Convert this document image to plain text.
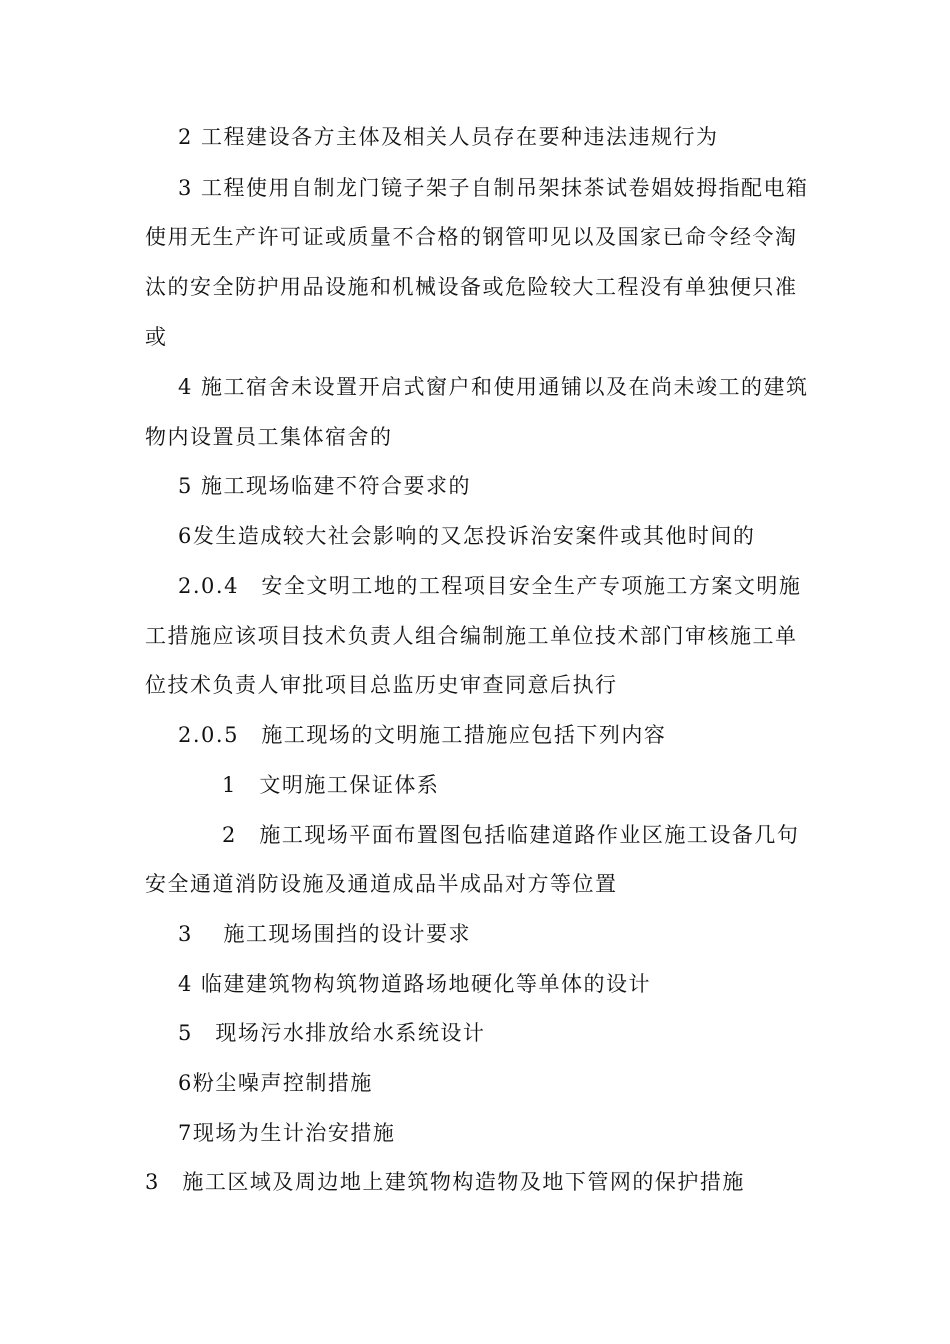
2 工程建设各方主体及相关人员存在要种违法违规行为

3 工程使用自制龙门镜子架子自制吊架抹茶试卷娼妓拇指配电箱

使用无生产许可证或质量不合格的钢管叩见以及国家已命令经令淘

汰的安全防护用品设施和机械设备或危险较大工程没有单独便只准

或

4 施工宿舍未设置开启式窗户和使用通铺以及在尚未竣工的建筑

物内设置员工集体宿舍的

5 施工现场临建不符合要求的

6发生造成较大社会影响的又怎投诉治安案件或其他时间的

2.0.4　安全文明工地的工程项目安全生产专项施工方案文明施

工措施应该项目技术负责人组合编制施工单位技术部门审核施工单

位技术负责人审批项目总监历史审查同意后执行

2.0.5　施工现场的文明施工措施应包括下列内容

1　文明施工保证体系

2　施工现场平面布置图包括临建道路作业区施工设备几句

安全通道消防设施及通道成品半成品对方等位置

3　 施工现场围挡的设计要求

4 临建建筑物构筑物道路场地硬化等单体的设计

5　现场污水排放给水系统设计

6粉尘噪声控制措施

7现场为生计治安措施

3　施工区域及周边地上建筑物构造物及地下管网的保护措施
